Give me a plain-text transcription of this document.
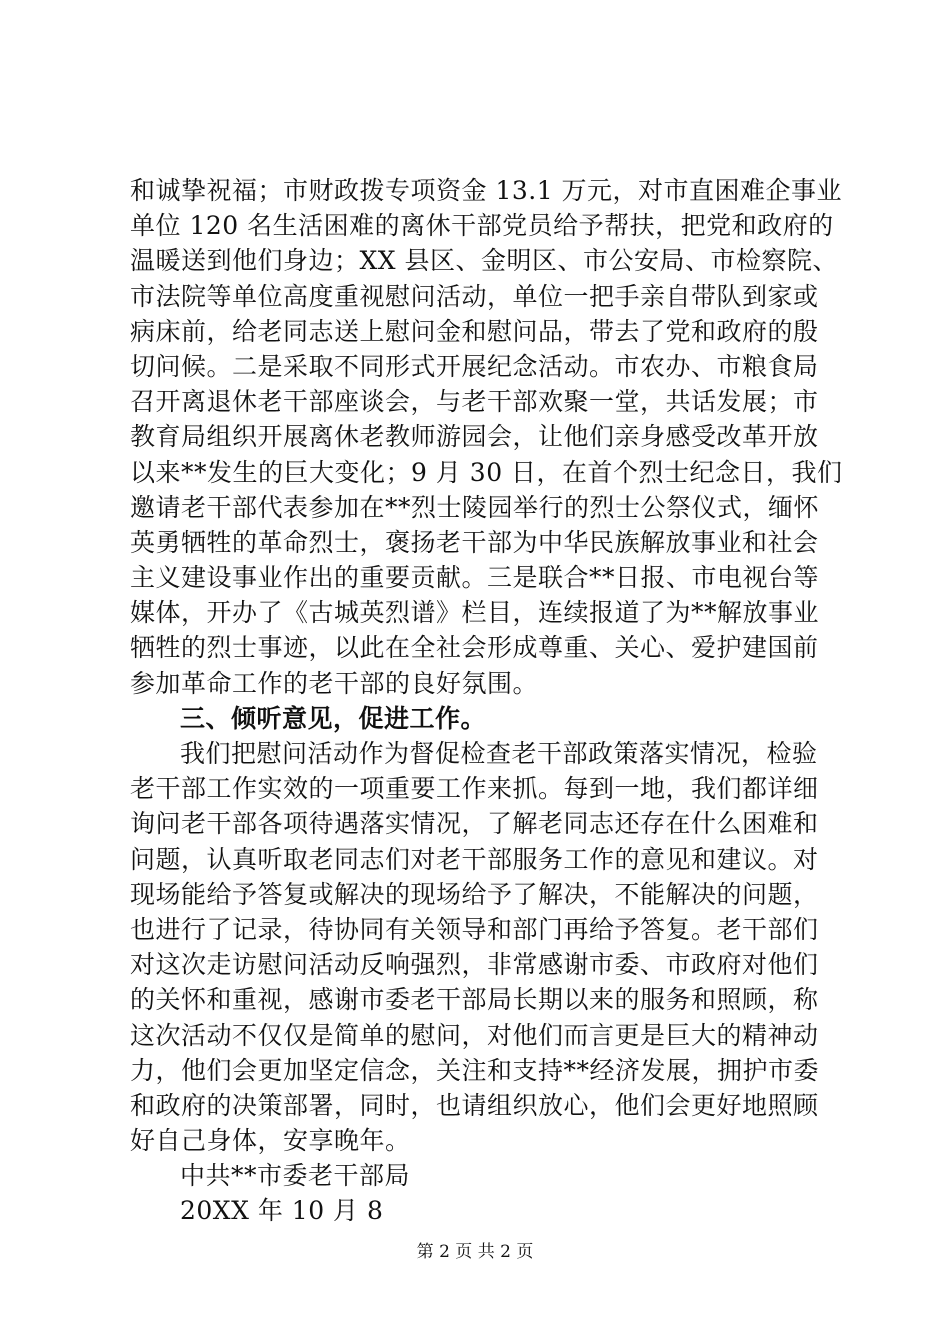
和诚挚祝福；市财政拨专项资金 13.1 万元，对市直困难企事业
单位 120 名生活困难的离休干部党员给予帮扶，把党和政府的
温暖送到他们身边；XX 县区、金明区、市公安局、市检察院、
市法院等单位高度重视慰问活动，单位一把手亲自带队到家或
病床前，给老同志送上慰问金和慰问品，带去了党和政府的殷
切问候。二是采取不同形式开展纪念活动。市农办、市粮食局
召开离退休老干部座谈会，与老干部欢聚一堂，共话发展；市
教育局组织开展离休老教师游园会，让他们亲身感受改革开放
以来**发生的巨大变化；9 月 30 日，在首个烈士纪念日，我们
邀请老干部代表参加在**烈士陵园举行的烈士公祭仪式，缅怀
英勇牺牲的革命烈士，褒扬老干部为中华民族解放事业和社会
主义建设事业作出的重要贡献。三是联合**日报、市电视台等
媒体，开办了《古城英烈谱》栏目，连续报道了为**解放事业
牺牲的烈士事迹，以此在全社会形成尊重、关心、爱护建国前
参加革命工作的老干部的良好氛围。
三、倾听意见，促进工作。
我们把慰问活动作为督促检查老干部政策落实情况，检验
老干部工作实效的一项重要工作来抓。每到一地，我们都详细
询问老干部各项待遇落实情况，了解老同志还存在什么困难和
问题，认真听取老同志们对老干部服务工作的意见和建议。对
现场能给予答复或解决的现场给予了解决，不能解决的问题，
也进行了记录，待协同有关领导和部门再给予答复。老干部们
对这次走访慰问活动反响强烈，非常感谢市委、市政府对他们
的关怀和重视，感谢市委老干部局长期以来的服务和照顾，称
这次活动不仅仅是简单的慰问，对他们而言更是巨大的精神动
力，他们会更加坚定信念，关注和支持**经济发展，拥护市委
和政府的决策部署，同时，也请组织放心，他们会更好地照顾
好自己身体，安享晚年。
中共**市委老干部局
20XX 年 10 月 8
第 2 页 共 2 页
